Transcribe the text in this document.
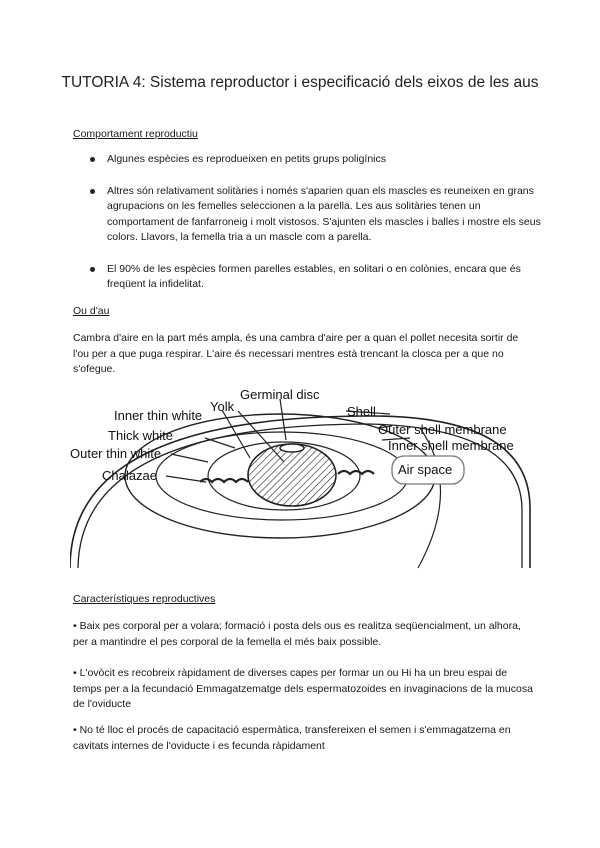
TUTORIA 4: Sistema reproductor i especificació dels eixos de les aus
Comportament reproductiu
Algunes espècies es reprodueixen en petits grups poligínics
Altres són relativament solitàries i només s'aparien quan els mascles es reuneixen en grans agrupacions on les femelles seleccionen a la parella. Les aus solitàries tenen un comportament de fanfarroneig i molt vistosos. S'ajunten els mascles i balles i mostre els seus colors. Llavors, la femella tria a un mascle com a parella.
El 90% de les espècies formen parelles estables, en solitari o en colònies, encara que és freqüent la infidelitat.
Ou d'au

Cambra d'aire en la part més ampla, és una cambra d'aire per a quan el pollet necesita sortir de l'ou per a que puga respirar. L'aire és necessari mentres està trencant la closca per a que no s'ofegue.

Yolk
Germinal disc
Shell
Inner thin white
Thick white
Outer thin white
Chalazae
Outer shell membrane
Inner shell membrane
Air space
Característiques reproductives

• Baix pes corporal per a volara; formació i posta dels ous es realitza seqüencialment, un alhora, per a mantindre el pes corporal de la femella el més baix possible.

• L'ovòcit es recobreix ràpidament de diverses capes per formar un ou Hi ha un breu espai de temps per a la fecundació Emmagatzematge dels espermatozoides en invaginacions de la mucosa de l'oviducte

• No té lloc el procés de capacitació espermàtica, transfereixen el semen i s'emmagatzema en cavitats internes de l'oviducte i es fecunda ràpidament
